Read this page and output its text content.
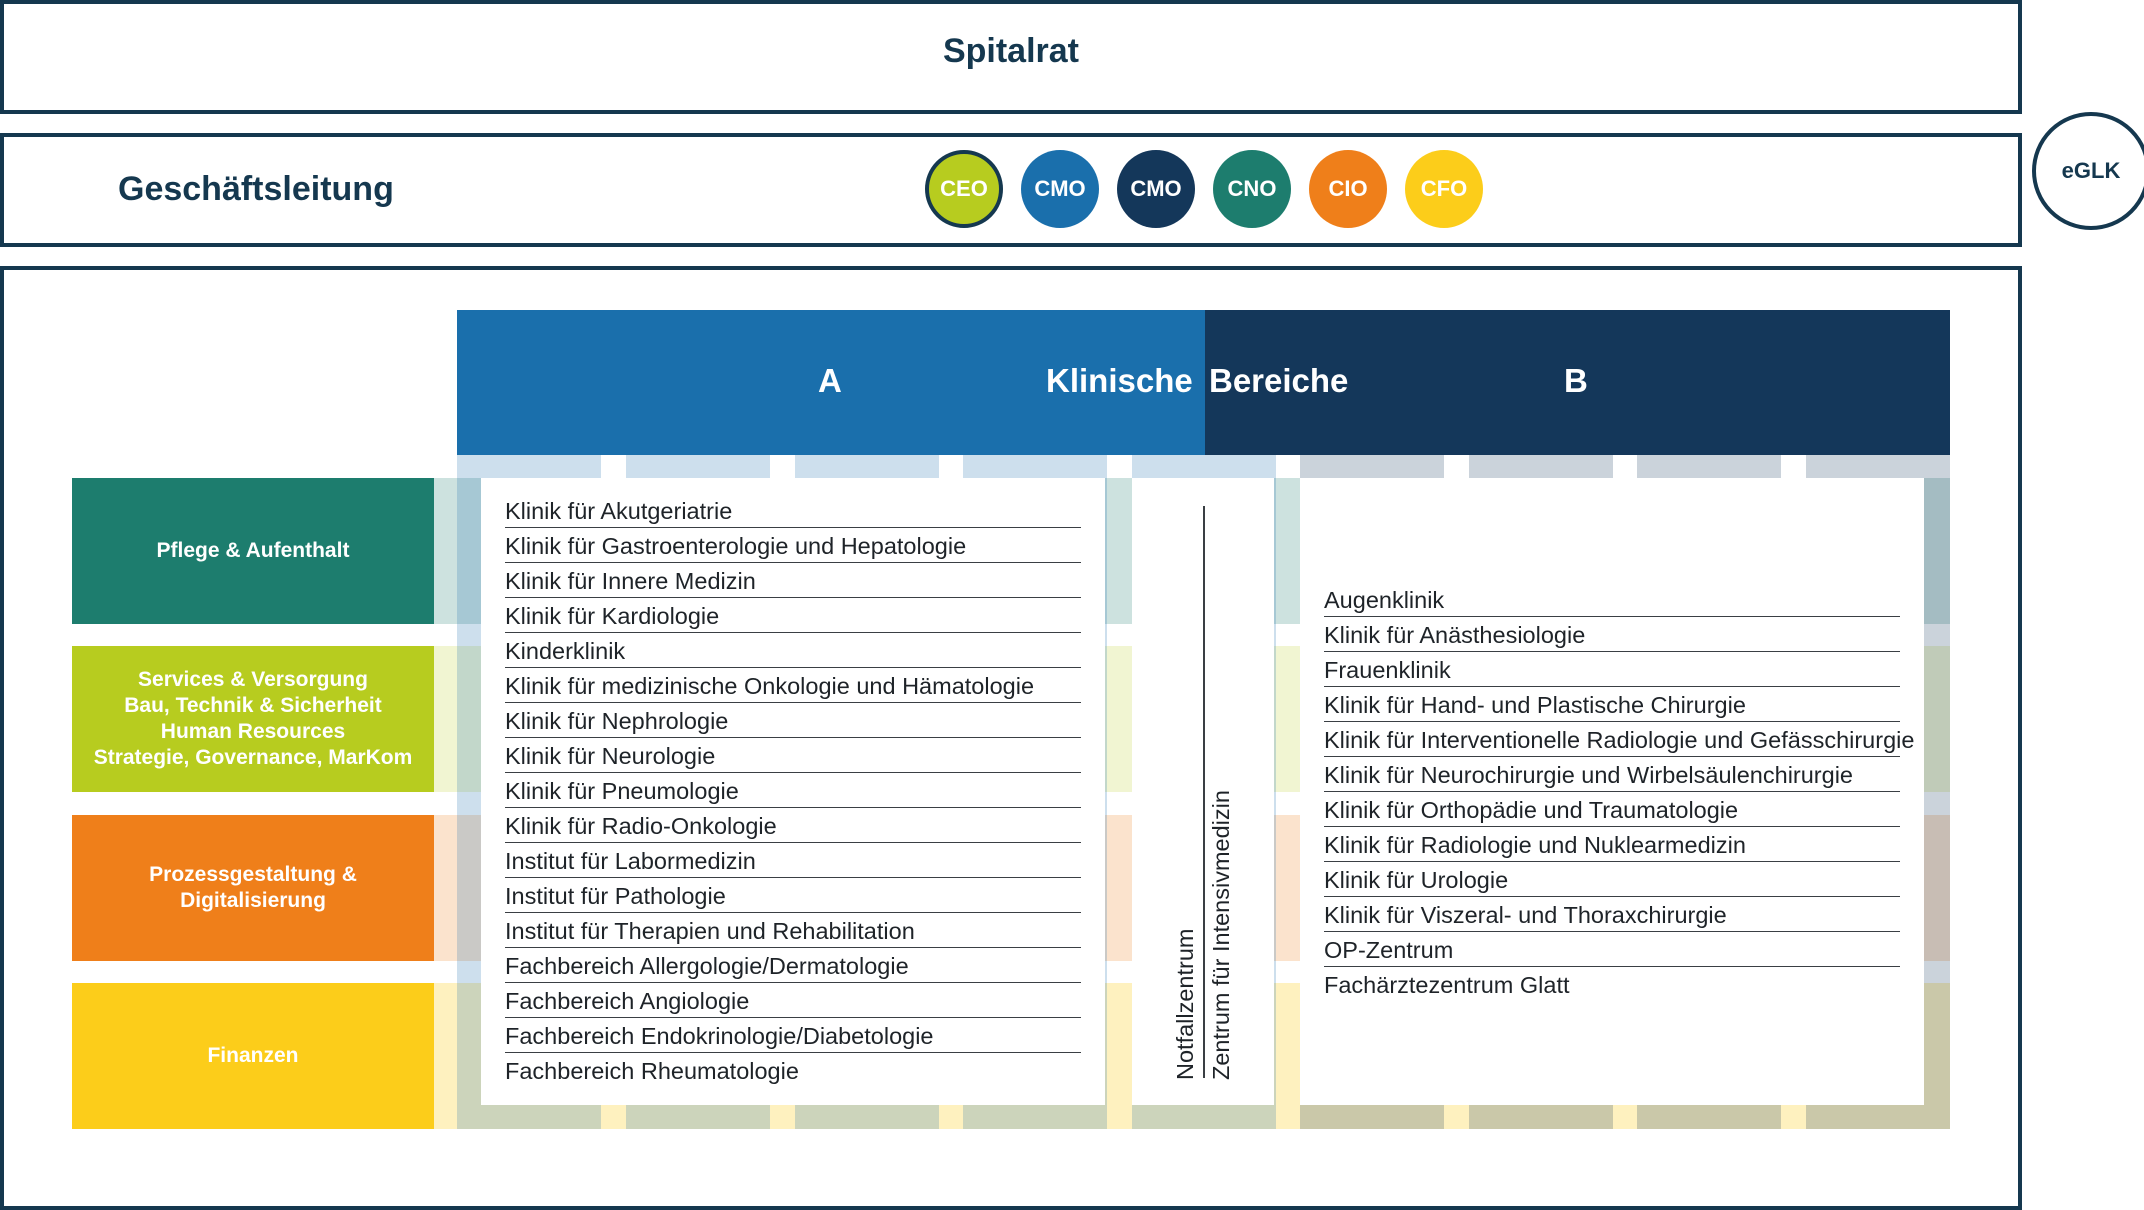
Spitalrat
Geschäftsleitung	CEO	CMO	CMO	CNO	CIO	CFO
eGLK
A	Klinische Bereiche	B
Pflege & Aufenthalt
Services & Versorgung
Bau, Technik & Sicherheit
Human Resources
Strategie, Governance, MarKom
Prozessgestaltung &
Digitalisierung
Finanzen
Klinik für Akutgeriatrie
Klinik für Gastroenterologie und Hepatologie
Klinik für Innere Medizin
Klinik für Kardiologie
Kinderklinik
Klinik für medizinische Onkologie und Hämatologie
Klinik für Nephrologie
Klinik für Neurologie
Klinik für Pneumologie
Klinik für Radio-Onkologie
Institut für Labormedizin
Institut für Pathologie
Institut für Therapien und Rehabilitation
Fachbereich Allergologie/Dermatologie
Fachbereich Angiologie
Fachbereich Endokrinologie/Diabetologie
Fachbereich Rheumatologie
Augenklinik
Klinik für Anästhesiologie
Frauenklinik
Klinik für Hand- und Plastische Chirurgie
Klinik für Interventionelle Radiologie und Gefässchirurgie
Klinik für Neurochirurgie und Wirbelsäulenchirurgie
Klinik für Orthopädie und Traumatologie
Klinik für Radiologie und Nuklearmedizin
Klinik für Urologie
Klinik für Viszeral- und Thoraxchirurgie
OP-Zentrum
Fachärztezentrum Glatt
Notfallzentrum Zentrum für Intensivmedizin
